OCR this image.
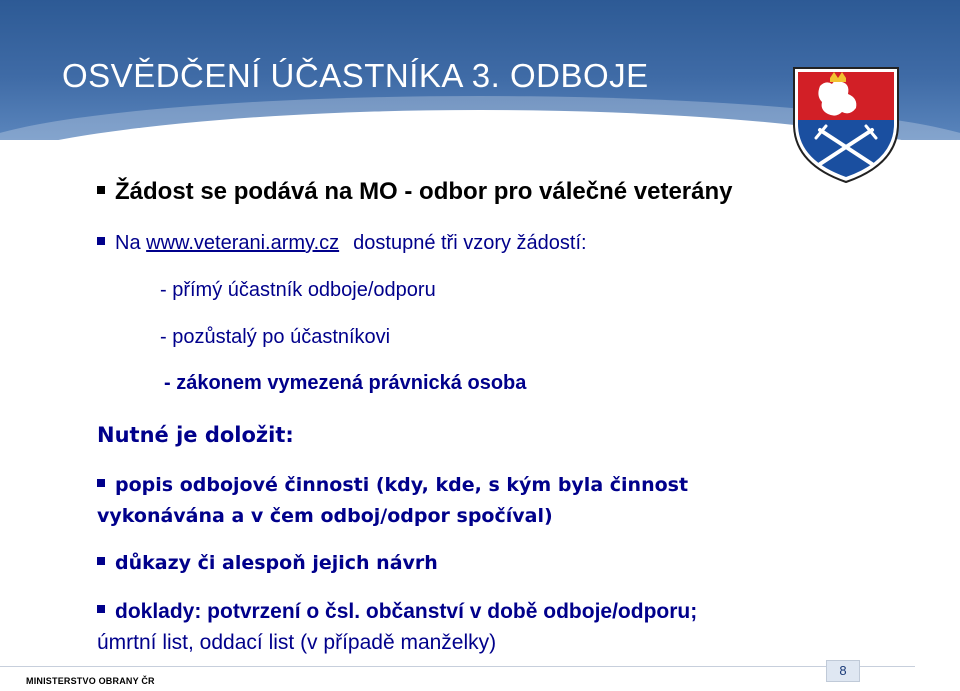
OSVĚDČENÍ ÚČASTNÍKA 3. ODBOJE
Žádost se podává na MO - odbor pro válečné veterány
Na www.veterani.army.cz dostupné tři vzory žádostí:
- přímý účastník odboje/odporu
- pozůstalý po účastníkovi
- zákonem vymezená právnická osoba
Nutné je doložit:
popis odbojové činnosti (kdy, kde, s kým byla činnost
vykonávána a v čem odboj/odpor spočíval)
důkazy či alespoň jejich návrh
doklady: potvrzení o čsl. občanství v době odboje/odporu;
úmrtní list, oddací list (v případě manželky)
MINISTERSTVO OBRANY ČR
8
